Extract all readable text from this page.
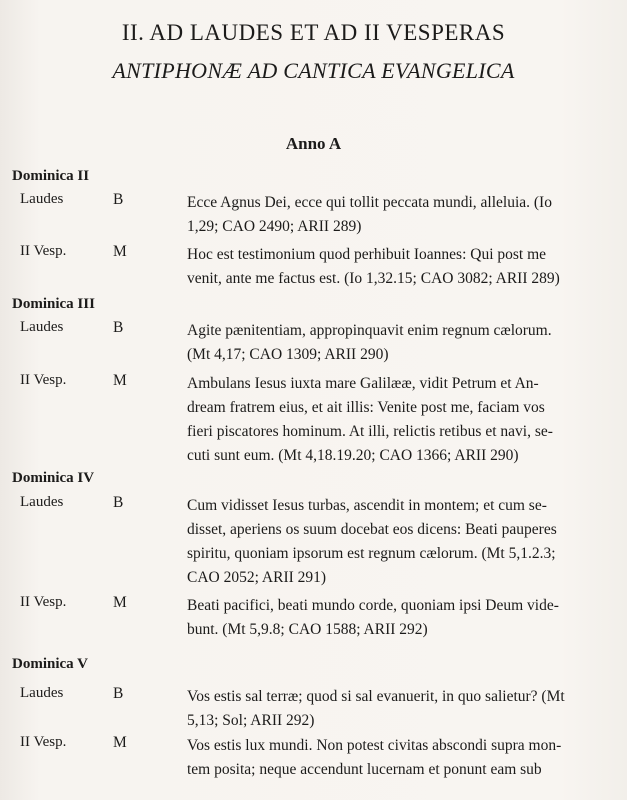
II. AD LAUDES ET AD II VESPERAS
ANTIPHONÆ AD CANTICA EVANGELICA
Anno A
Dominica II
Laudes	B	Ecce Agnus Dei, ecce qui tollit peccata mundi, alleluia. (Io
1,29; CAO 2490; ARII 289)
II Vesp.	M	Hoc est testimonium quod perhibuit Ioannes: Qui post me
venit, ante me factus est. (Io 1,32.15; CAO 3082; ARII 289)
Dominica III
Laudes	B	Agite pænitentiam, appropinquavit enim regnum cælorum.
(Mt 4,17; CAO 1309; ARII 290)
II Vesp.	M	Ambulans Iesus iuxta mare Galilææ, vidit Petrum et An-
dream fratrem eius, et ait illis: Venite post me, faciam vos
fieri piscatores hominum. At illi, relictis retibus et navi, se-
cuti sunt eum. (Mt 4,18.19.20; CAO 1366; ARII 290)
Dominica IV
Laudes	B	Cum vidisset Iesus turbas, ascendit in montem; et cum se-
disset, aperiens os suum docebat eos dicens: Beati pauperes
spiritu, quoniam ipsorum est regnum cælorum. (Mt 5,1.2.3;
CAO 2052; ARII 291)
II Vesp.	M	Beati pacifici, beati mundo corde, quoniam ipsi Deum vide-
bunt. (Mt 5,9.8; CAO 1588; ARII 292)
Dominica V
Laudes	B	Vos estis sal terræ; quod si sal evanuerit, in quo salietur? (Mt
5,13; Sol; ARII 292)
II Vesp.	M	Vos estis lux mundi. Non potest civitas abscondi supra mon-
tem posita; neque accendunt lucernam et ponunt eam sub
